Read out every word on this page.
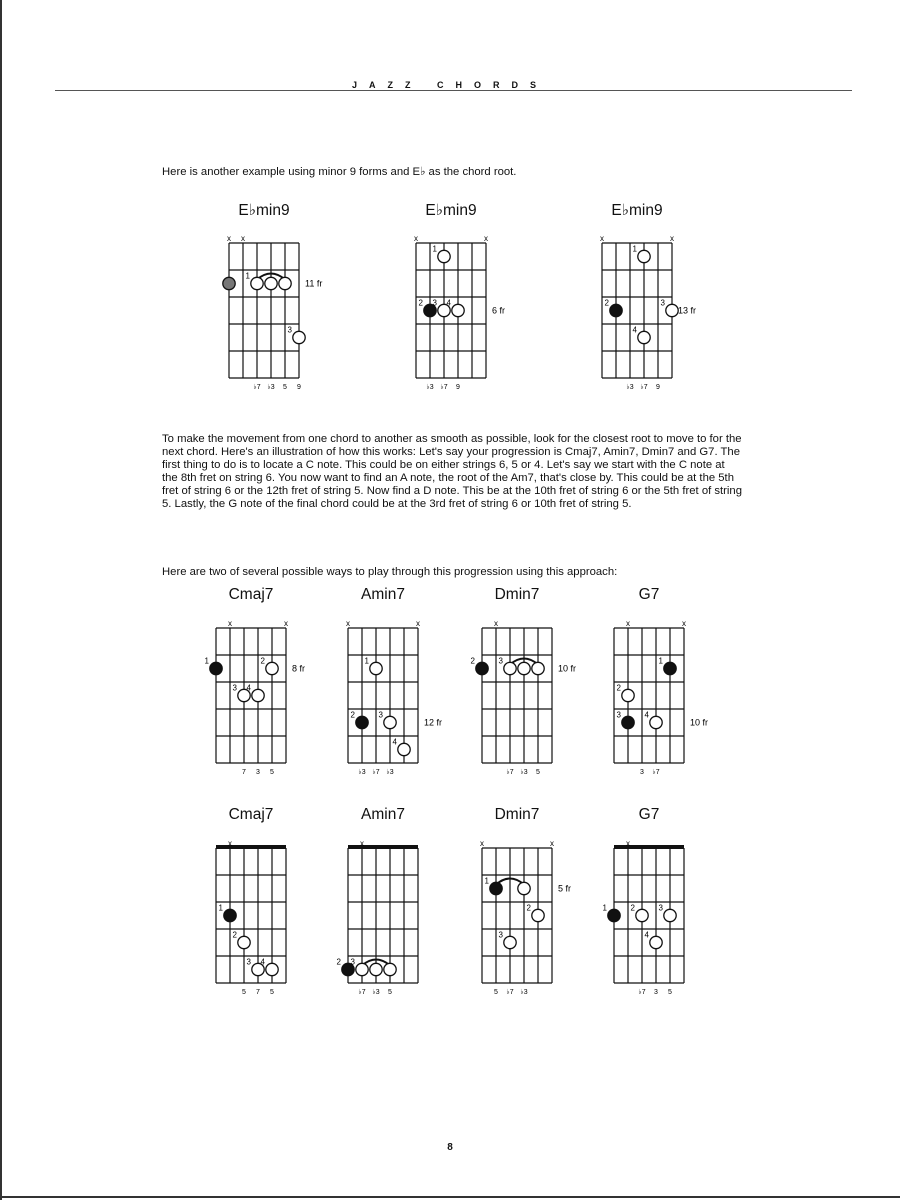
JAZZ CHORDS
Here is another example using minor 9 forms and E♭ as the chord root.
E♭min9
x x
1
3
11 fr
♭7 ♭3 5 9
E♭min9
x	x
1
2 3 4
6 fr
♭3 ♭7 9
E♭min9
x	x
1
2	3
4
13 fr
♭3 ♭7 9
To make the movement from one chord to another as smooth as possible, look for the closest root to move to for the next chord. Here's an illustration of how this works: Let's say your progression is Cmaj7, Amin7, Dmin7 and G7. The first thing to do is to locate a C note. This could be on either strings 6, 5 or 4. Let's say we start with the C note at the 8th fret on string 6. You now want to find an A note, the root of the Am7, that's close by. This could be at the 5th fret of string 6 or the 12th fret of string 5. Now find a D note. This be at the 10th fret of string 6 or the 5th fret of string 5. Lastly, the G note of the final chord could be at the 3rd fret of string 6 or 10th fret of string 5.
Here are two of several possible ways to play through this progression using this approach:
Cmaj7
x	x
1	2
3 4
8 fr
7 3 5
Amin7
x	x
1
2	3
4
12 fr
♭3 ♭7 ♭3
Dmin7
x
2	3
10 fr
♭7 ♭3 5
G7
x	x
1
2
3	4
10 fr
3 ♭7
Cmaj7
x
1
2
3 4
5 7 5
Amin7
x
2 3
♭7 ♭3 5
Dmin7
x	x
1
2
3
5 fr
5 ♭7 ♭3
G7
x
1	2	3
4
♭7 3 5
8
